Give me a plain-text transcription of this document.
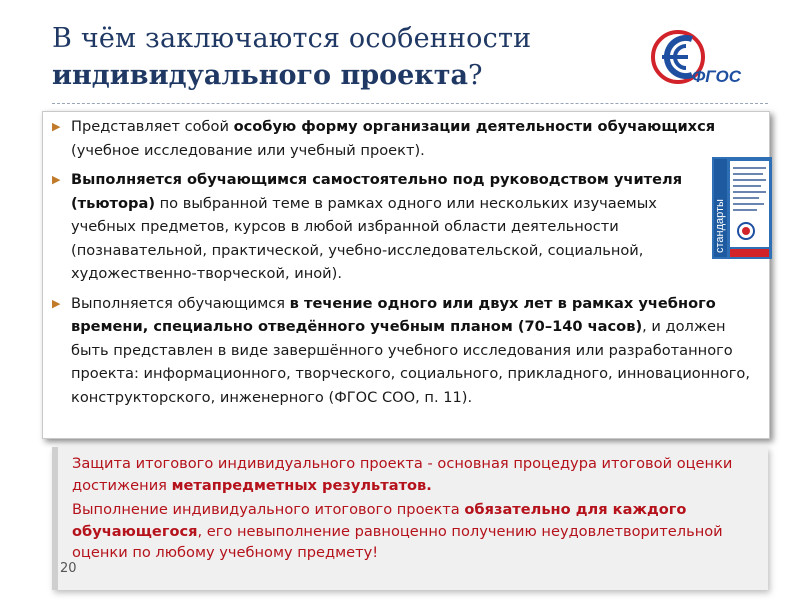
В чём заключаются особенности
индивидуального проекта?	ФГОС
▶ Представляет собой особую форму организации деятельности обучающихся (учебное исследование или учебный проект).
▶ Выполняется обучающимся самостоятельно под руководством учителя (тьютора) по выбранной теме в рамках одного или нескольких изучаемых учебных предметов, курсов в любой избранной области деятельности (познавательной, практической, учебно-исследовательской, социальной, художественно-творческой, иной).
▶ Выполняется обучающимся в течение одного или двух лет в рамках учебного времени, специально отведённого учебным планом (70–140 часов), и должен быть представлен в виде завершённого учебного исследования или разработанного проекта: информационного, творческого, социального, прикладного, инновационного, конструкторского, инженерного (ФГОС СОО, п. 11).
стандарты
Защита итогового индивидуального проекта - основная процедура итоговой оценки достижения метапредметных результатов.
Выполнение индивидуального итогового проекта обязательно для каждого обучающегося, его невыполнение равноценно получению неудовлетворительной оценки по любому учебному предмету!
20
